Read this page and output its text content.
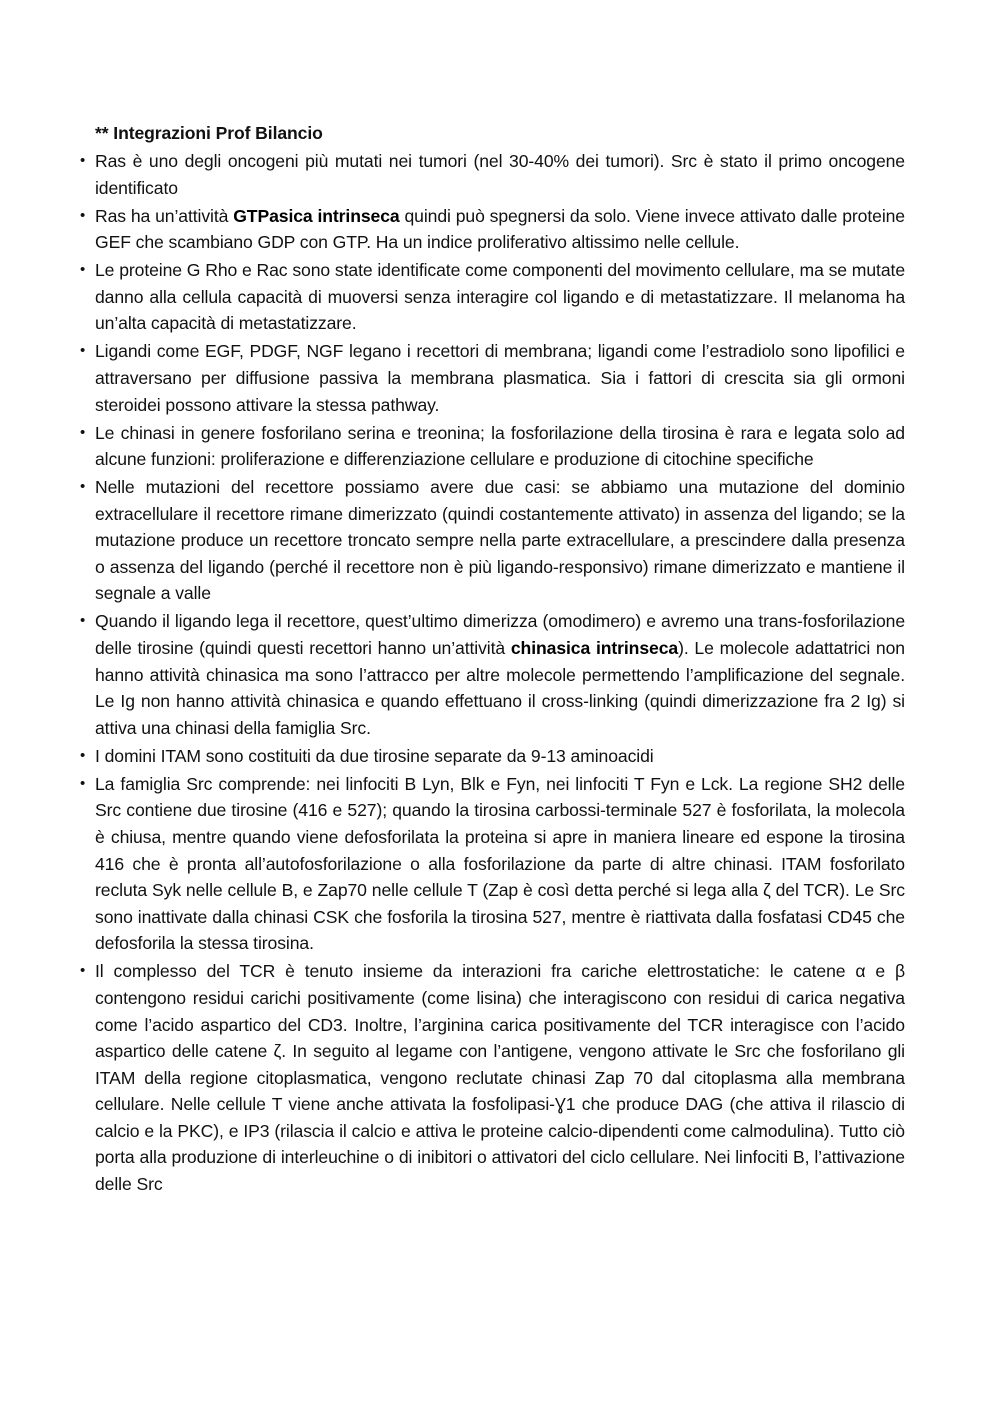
** Integrazioni Prof Bilancio
• Ras è uno degli oncogeni più mutati nei tumori (nel 30-40% dei tumori). Src è stato il primo oncogene identificato
• Ras ha un’attività GTPasica intrinseca quindi può spegnersi da solo. Viene invece attivato dalle proteine GEF che scambiano GDP con GTP. Ha un indice proliferativo altissimo nelle cellule.
• Le proteine G Rho e Rac sono state identificate come componenti del movimento cellulare, ma se mutate danno alla cellula capacità di muoversi senza interagire col ligando e di metastatizzare. Il melanoma ha un’alta capacità di metastatizzare.
• Ligandi come EGF, PDGF, NGF legano i recettori di membrana; ligandi come l’estradiolo sono lipofilici e attraversano per diffusione passiva la membrana plasmatica. Sia i fattori di crescita sia gli ormoni steroidei possono attivare la stessa pathway.
• Le chinasi in genere fosforilano serina e treonina; la fosforilazione della tirosina è rara e legata solo ad alcune funzioni: proliferazione e differenziazione cellulare e produzione di citochine specifiche
• Nelle mutazioni del recettore possiamo avere due casi: se abbiamo una mutazione del dominio extracellulare il recettore rimane dimerizzato (quindi costantemente attivato) in assenza del ligando; se la mutazione produce un recettore troncato sempre nella parte extracellulare, a prescindere dalla presenza o assenza del ligando (perché il recettore non è più ligando-responsivo) rimane dimerizzato e mantiene il segnale a valle
• Quando il ligando lega il recettore, quest’ultimo dimerizza (omodimero) e avremo una trans-fosforilazione delle tirosine (quindi questi recettori hanno un’attività chinasica intrinseca). Le molecole adattatrici non hanno attività chinasica ma sono l’attracco per altre molecole permettendo l’amplificazione del segnale. Le Ig non hanno attività chinasica e quando effettuano il cross-linking (quindi dimerizzazione fra 2 Ig) si attiva una chinasi della famiglia Src.
• I domini ITAM sono costituiti da due tirosine separate da 9-13 aminoacidi
• La famiglia Src comprende: nei linfociti B Lyn, Blk e Fyn, nei linfociti T Fyn e Lck. La regione SH2 delle Src contiene due tirosine (416 e 527); quando la tirosina carbossi-terminale 527 è fosforilata, la molecola è chiusa, mentre quando viene defosforilata la proteina si apre in maniera lineare ed espone la tirosina 416 che è pronta all’autofosforilazione o alla fosforilazione da parte di altre chinasi. ITAM fosforilato recluta Syk nelle cellule B, e Zap70 nelle cellule T (Zap è così detta perché si lega alla ζ del TCR). Le Src sono inattivate dalla chinasi CSK che fosforila la tirosina 527, mentre è riattivata dalla fosfatasi CD45 che defosforila la stessa tirosina.
• Il complesso del TCR è tenuto insieme da interazioni fra cariche elettrostatiche: le catene α e β contengono residui carichi positivamente (come lisina) che interagiscono con residui di carica negativa come l’acido aspartico del CD3. Inoltre, l’arginina carica positivamente del TCR interagisce con l’acido aspartico delle catene ζ. In seguito al legame con l’antigene, vengono attivate le Src che fosforilano gli ITAM della regione citoplasmatica, vengono reclutate chinasi Zap 70 dal citoplasma alla membrana cellulare. Nelle cellule T viene anche attivata la fosfolipasi-Ɣ1 che produce DAG (che attiva il rilascio di calcio e la PKC), e IP3 (rilascia il calcio e attiva le proteine calcio-dipendenti come calmodulina). Tutto ciò porta alla produzione di interleuchine o di inibitori o attivatori del ciclo cellulare. Nei linfociti B, l’attivazione delle Src
